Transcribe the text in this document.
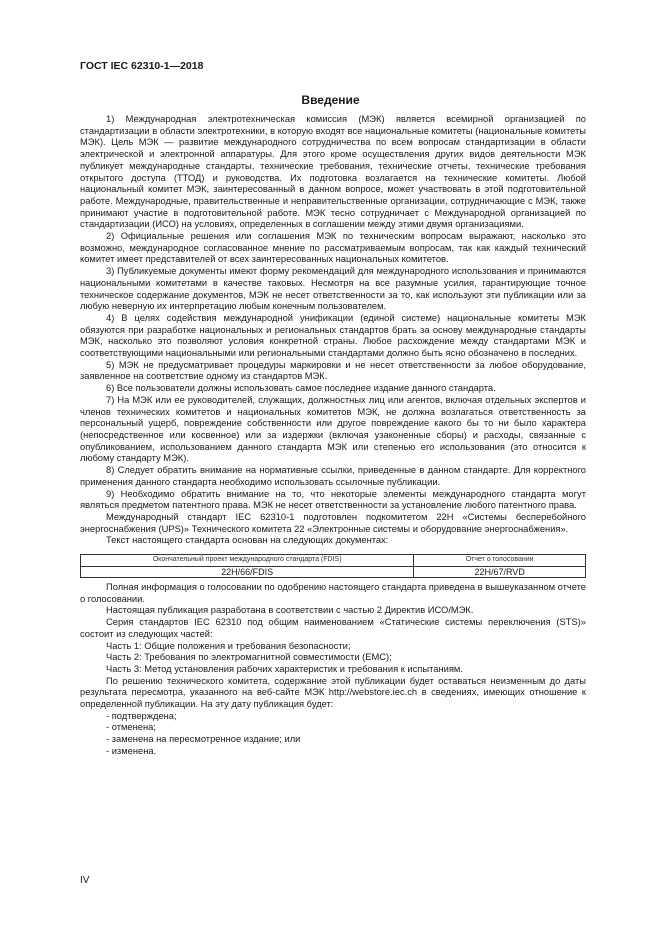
ГОСТ IEC 62310-1—2018
Введение

1) Международная электротехническая комиссия (МЭК) является всемирной организацией по стандартизации в области электротехники, в которую входят все национальные комитеты (национальные комитеты МЭК). Цель МЭК — развитие международного сотрудничества по всем вопросам стандартизации в области электрической и электронной аппаратуры. Для этого кроме осуществления других видов деятельности МЭК публикует международные стандарты, технические требования, технические отчеты, технические требования открытого доступа (ТТОД) и руководства. Их подготовка возлагается на технические комитеты. Любой национальный комитет МЭК, заинтересованный в данном вопросе, может участвовать в этой подготовительной работе. Международные, правительственные и неправительственные организации, сотрудничающие с МЭК, также принимают участие в подготовительной работе. МЭК тесно сотрудничает с Международной организацией по стандартизации (ИСО) на условиях, определенных в соглашении между этими двумя организациями.

2) Официальные решения или соглашения МЭК по техническим вопросам выражают, насколько это возможно, международное согласованное мнение по рассматриваемым вопросам, так как каждый технический комитет имеет представителей от всех заинтересованных национальных комитетов.

3) Публикуемые документы имеют форму рекомендаций для международного использования и принимаются национальными комитетами в качестве таковых. Несмотря на все разумные усилия, гарантирующие точное техническое содержание документов, МЭК не несет ответственности за то, как используют эти публикации или за любую неверную их интерпретацию любым конечным пользователем.

4) В целях содействия международной унификации (единой системе) национальные комитеты МЭК обязуются при разработке национальных и региональных стандартов брать за основу международные стандарты МЭК, насколько это позволяют условия конкретной страны. Любое расхождение между стандартами МЭК и соответствующими национальными или региональными стандартами должно быть ясно обозначено в последних.

5) МЭК не предусматривает процедуры маркировки и не несет ответственности за любое оборудование, заявленное на соответствие одному из стандартов МЭК.

6) Все пользователи должны использовать самое последнее издание данного стандарта.

7) На МЭК или ее руководителей, служащих, должностных лиц или агентов, включая отдельных экспертов и членов технических комитетов и национальных комитетов МЭК, не должна возлагаться ответственность за персональный ущерб, повреждение собственности или другое повреждение какого бы то ни было характера (непосредственное или косвенное) или за издержки (включая узаконенные сборы) и расходы, связанные с опубликованием, использованием данного стандарта МЭК или степенью его использования (это относится к любому стандарту МЭК).

8) Следует обратить внимание на нормативные ссылки, приведенные в данном стандарте. Для корректного применения данного стандарта необходимо использовать ссылочные публикации.

9) Необходимо обратить внимание на то, что некоторые элементы международного стандарта могут являться предметом патентного права. МЭК не несет ответственности за установление любого патентного права.

Международный стандарт IEC 62310-1 подготовлен подкомитетом 22H «Системы бесперебойного энергоснабжения (UPS)» Технического комитета 22 «Электронные системы и оборудование энергоснабжения».

Текст настоящего стандарта основан на следующих документах:

Окончательный проект международного стандарта (FDIS)	Отчет о голосовании
22H/66/FDIS	22H/67/RVD

Полная информация о голосовании по одобрению настоящего стандарта приведена в вышеуказанном отчете о голосовании.

Настоящая публикация разработана в соответствии с частью 2 Директив ИСО/МЭК.

Серия стандартов IEC 62310 под общим наименованием «Статические системы переключения (STS)» состоит из следующих частей:

Часть 1: Общие положения и требования безопасности;

Часть 2: Требования по электромагнитной совместимости (ЕМС);

Часть 3: Метод установления рабочих характеристик и требования к испытаниям.

По решению технического комитета, содержание этой публикации будет оставаться неизменным до даты результата пересмотра, указанного на веб-сайте МЭК http://webstore.iec.ch в сведениях, имеющих отношение к определенной публикации. На эту дату публикация будет:

- подтверждена;

- отменена;

- заменена на пересмотренное издание; или

- изменена.

IV
